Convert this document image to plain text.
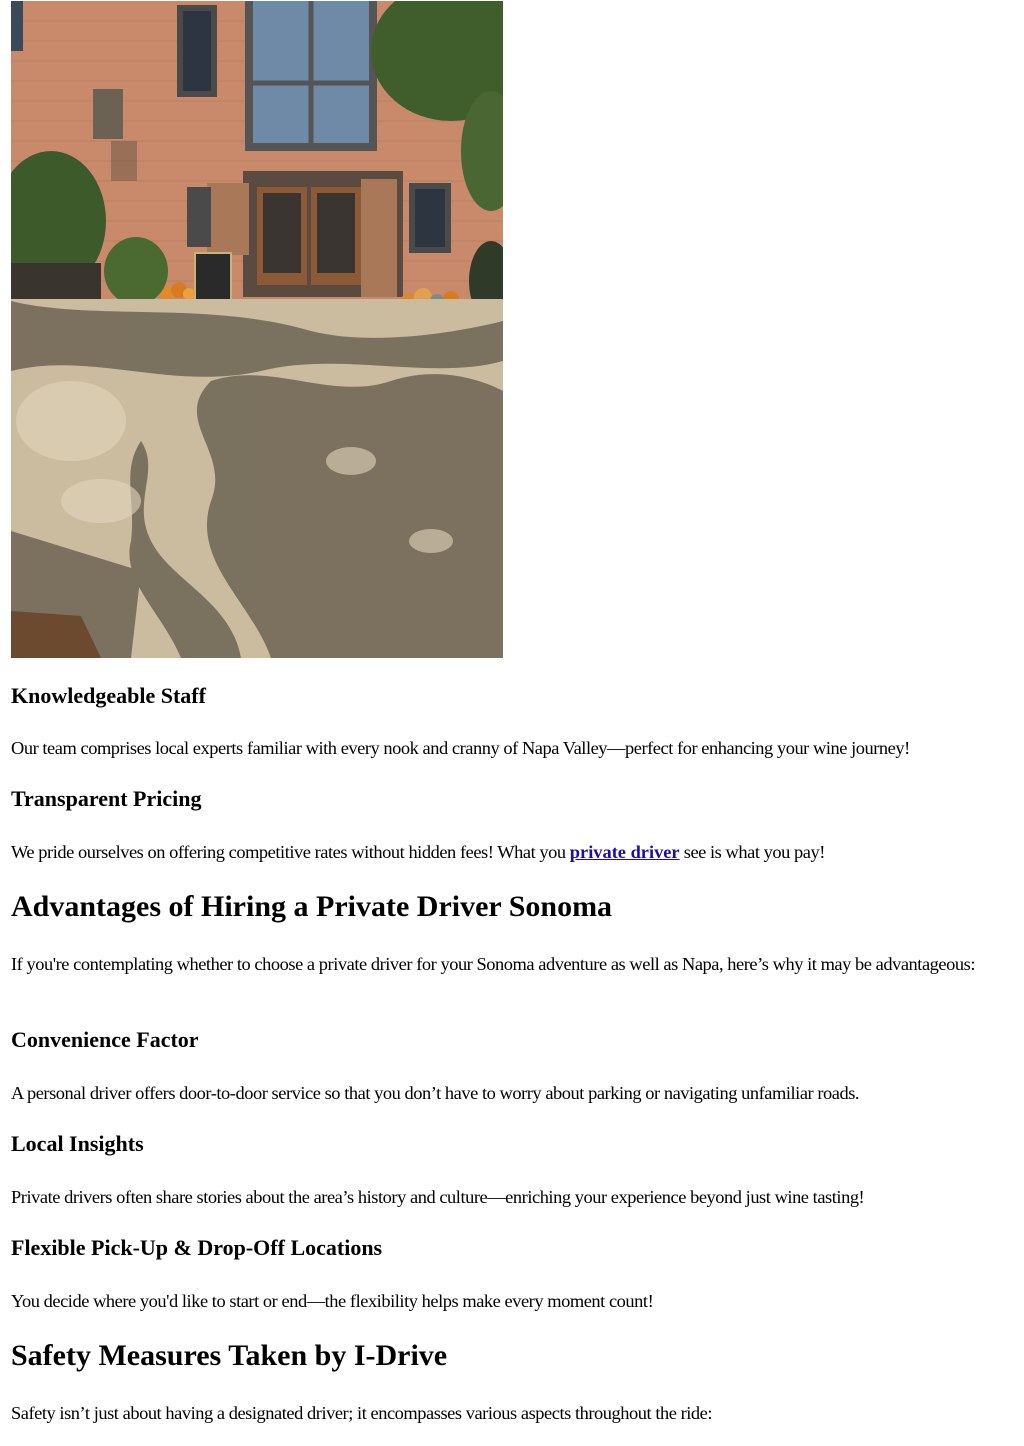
Knowledgeable Staff
Our team comprises local experts familiar with every nook and cranny of Napa Valley—perfect for enhancing your wine journey!
Transparent Pricing
We pride ourselves on offering competitive rates without hidden fees! What you private driver see is what you pay!
Advantages of Hiring a Private Driver Sonoma
If you're contemplating whether to choose a private driver for your Sonoma adventure as well as Napa, here’s why it may be advantageous:
Convenience Factor
A personal driver offers door-to-door service so that you don’t have to worry about parking or navigating unfamiliar roads.
Local Insights
Private drivers often share stories about the area’s history and culture—enriching your experience beyond just wine tasting!
Flexible Pick-Up & Drop-Off Locations
You decide where you'd like to start or end—the flexibility helps make every moment count!
Safety Measures Taken by I-Drive
Safety isn’t just about having a designated driver; it encompasses various aspects throughout the ride:
